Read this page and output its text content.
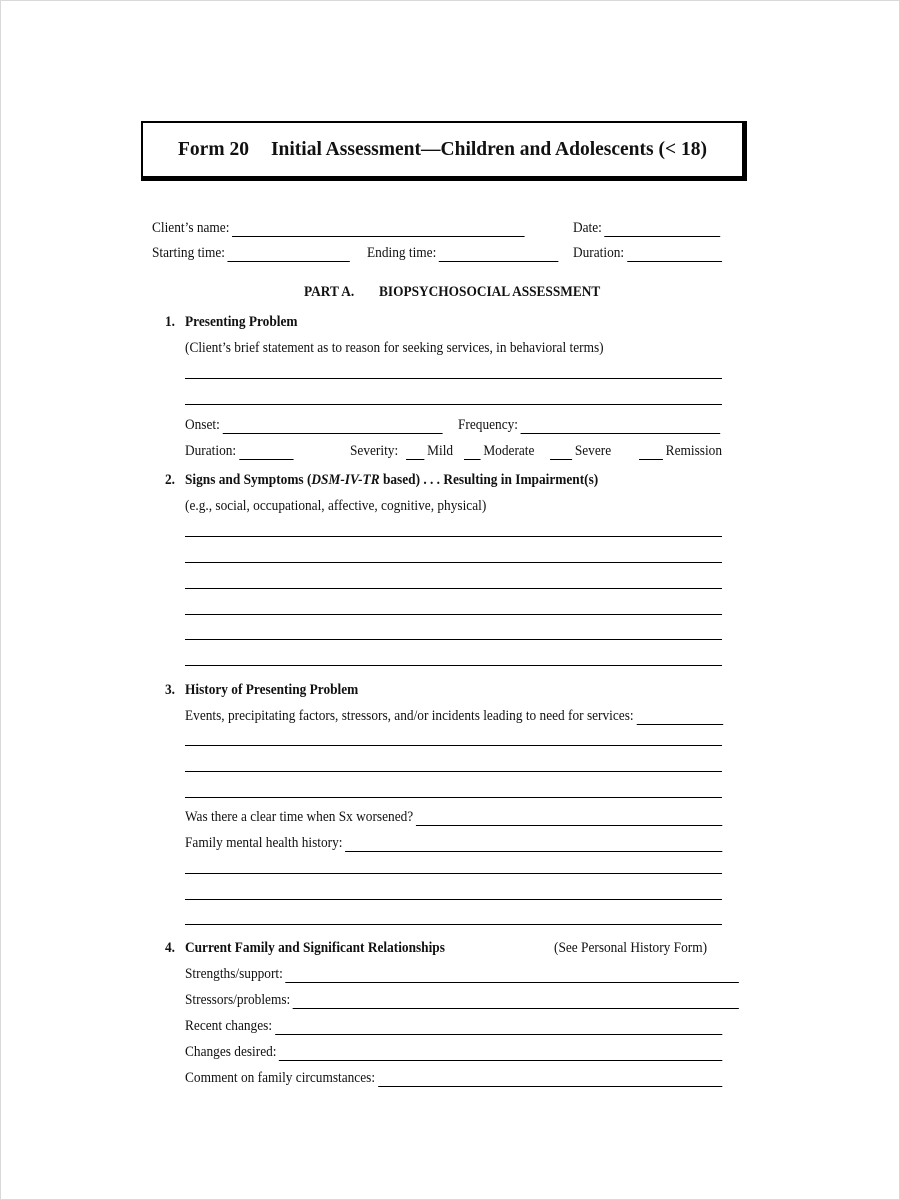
Form 20 Initial Assessment—Children and Adolescents (< 18)
Client’s name:	Date:
Starting time:	Ending time:	Duration:
PART A. BIOPSYCHOSOCIAL ASSESSMENT
1. Presenting Problem
(Client’s brief statement as to reason for seeking services, in behavioral terms)
Onset:	Frequency:
Duration:	Severity: Mild Moderate	Severe	Remission
2. Signs and Symptoms (DSM-IV-TR based) . . . Resulting in Impairment(s)
(e.g., social, occupational, affective, cognitive, physical)
3. History of Presenting Problem
Events, precipitating factors, stressors, and/or incidents leading to need for services:
Was there a clear time when Sx worsened?
Family mental health history:
4. Current Family and Significant Relationships	(See Personal History Form)
Strengths/support:
Stressors/problems:
Recent changes:
Changes desired:
Comment on family circumstances:
